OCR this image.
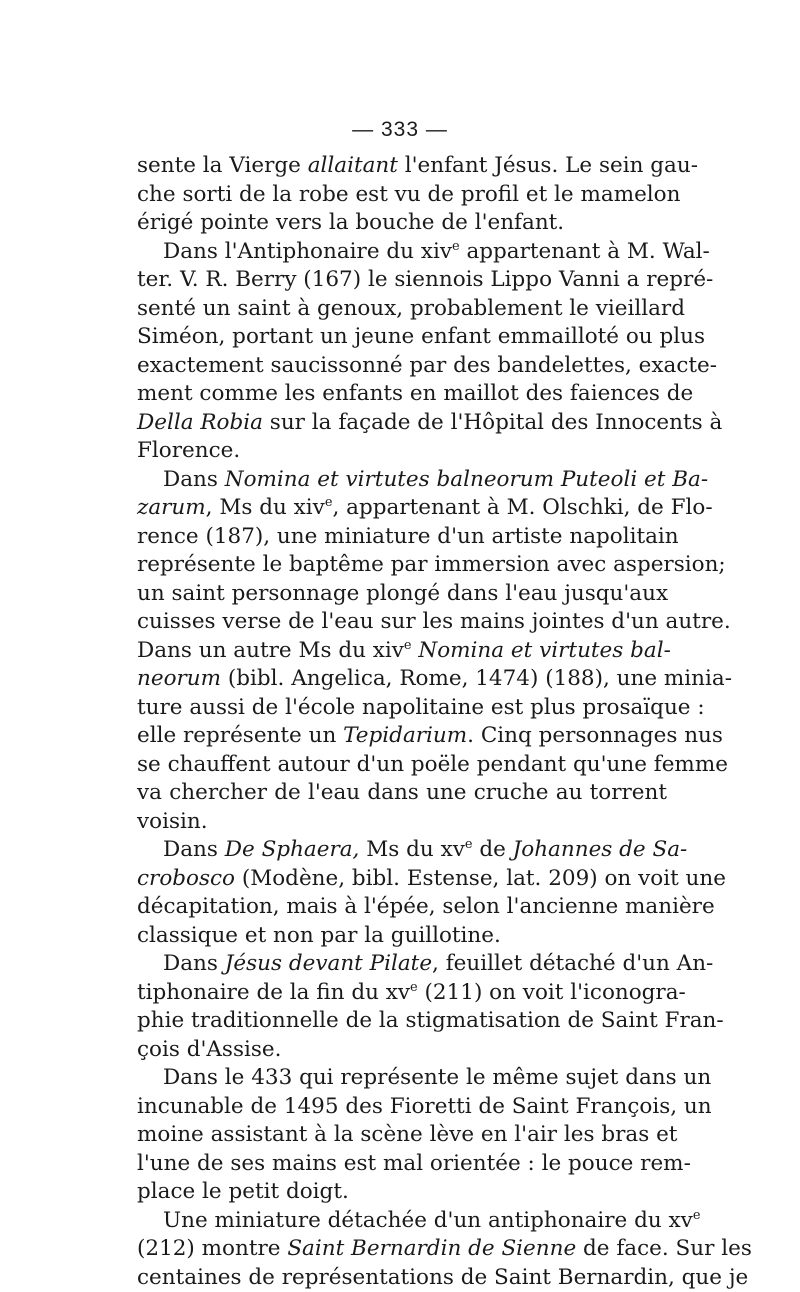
— 333 —
sente la Vierge allaitant l'enfant Jésus. Le sein gau-
che sorti de la robe est vu de profil et le mamelon
érigé pointe vers la bouche de l'enfant.
Dans l'Antiphonaire du xiv$^e$ appartenant à M. Wal-
ter. V. R. Berry (167) le siennois Lippo Vanni a repré-
senté un saint à genoux, probablement le vieillard
Siméon, portant un jeune enfant emmailloté ou plus
exactement saucissonné par des bandelettes, exacte-
ment comme les enfants en maillot des faiences de
Della Robia sur la façade de l'Hôpital des Innocents à
Florence.
Dans Nomina et virtutes balneorum Puteoli et Ba-
zarum, Ms du xiv$^e$, appartenant à M. Olschki, de Flo-
rence (187), une miniature d'un artiste napolitain
représente le baptême par immersion avec aspersion;
un saint personnage plongé dans l'eau jusqu'aux
cuisses verse de l'eau sur les mains jointes d'un autre.
Dans un autre Ms du xiv$^e$ Nomina et virtutes bal-
neorum (bibl. Angelica, Rome, 1474) (188), une minia-
ture aussi de l'école napolitaine est plus prosaïque :
elle représente un Tepidarium. Cinq personnages nus
se chauffent autour d'un poële pendant qu'une femme
va chercher de l'eau dans une cruche au torrent
voisin.
Dans De Sphaera, Ms du $xv^e$ de Johannes de Sa-
crobosco (Modène, bibl. Estense, lat. 209) on voit une
décapitation, mais à l'épée, selon l'ancienne manière
classique et non par la guillotine.
Dans Jésus devant Pilate, feuillet détaché d'un An-
tiphonaire de la fin du $xv^e$ (211) on voit l'iconogra-
phie traditionnelle de la stigmatisation de Saint Fran-
çois d'Assise.
Dans le 433 qui représente le même sujet dans un
incunable de 1495 des Fioretti de Saint François, un
moine assistant à la scène lève en l'air les bras et
l'une de ses mains est mal orientée : le pouce rem-
place le petit doigt.
Une miniature détachée d'un antiphonaire du $xv^e$
(212) montre Saint Bernardin de Sienne de face. Sur les
centaines de représentations de Saint Bernardin, que je
